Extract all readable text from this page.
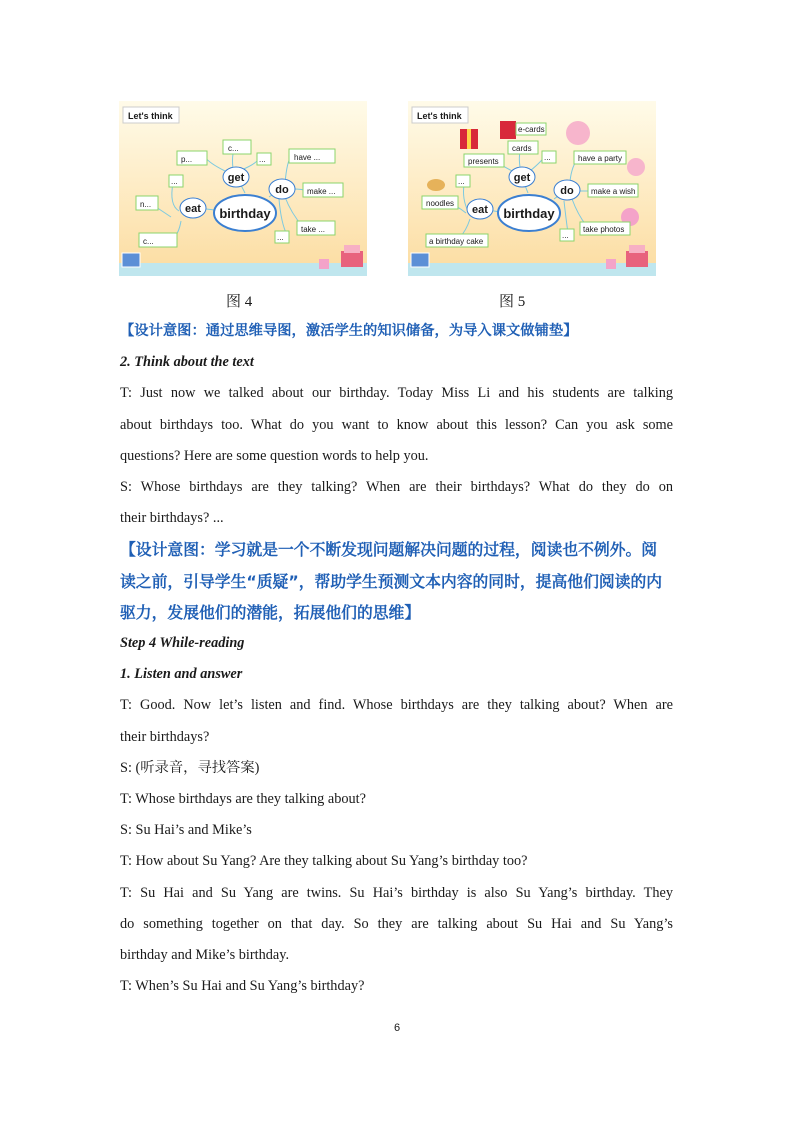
Let's think
birthday
get
eat
do
c...
...
p...
...
n...
c...
have ...
make ...
take ...
...
Let's think
birthday
get
eat
do
e-cards
cards
presents	...
...
noodles
a birthday cake
have a party
make a wish
take photos
...
图 4	图 5

【设计意图：通过思维导图，激活学生的知识储备，为导入课文做铺垫】

2. Think about the text

T: Just now we talked about our birthday. Today Miss Li and his students are talking

about birthdays too. What do you want to know about this lesson? Can you ask some

questions? Here are some question words to help you.

S: Whose birthdays are they talking? When are their birthdays? What do they do on

their birthdays? ...

【设计意图：学习就是一个不断发现问题解决问题的过程，阅读也不例外。阅

读之前，引导学生“质疑”，帮助学生预测文本内容的同时，提高他们阅读的内

驱力，发展他们的潜能，拓展他们的思维】

Step 4 While-reading

1. Listen and answer

T: Good. Now let’s listen and find. Whose birthdays are they talking about? When are

their birthdays?

S: (听录音，寻找答案)

T: Whose birthdays are they talking about?

S: Su Hai’s and Mike’s

T: How about Su Yang? Are they talking about Su Yang’s birthday too?

T: Su Hai and Su Yang are twins. Su Hai’s birthday is also Su Yang’s birthday. They

do something together on that day. So they are talking about Su Hai and Su Yang’s

birthday and Mike’s birthday.

T: When’s Su Hai and Su Yang’s birthday?

6
